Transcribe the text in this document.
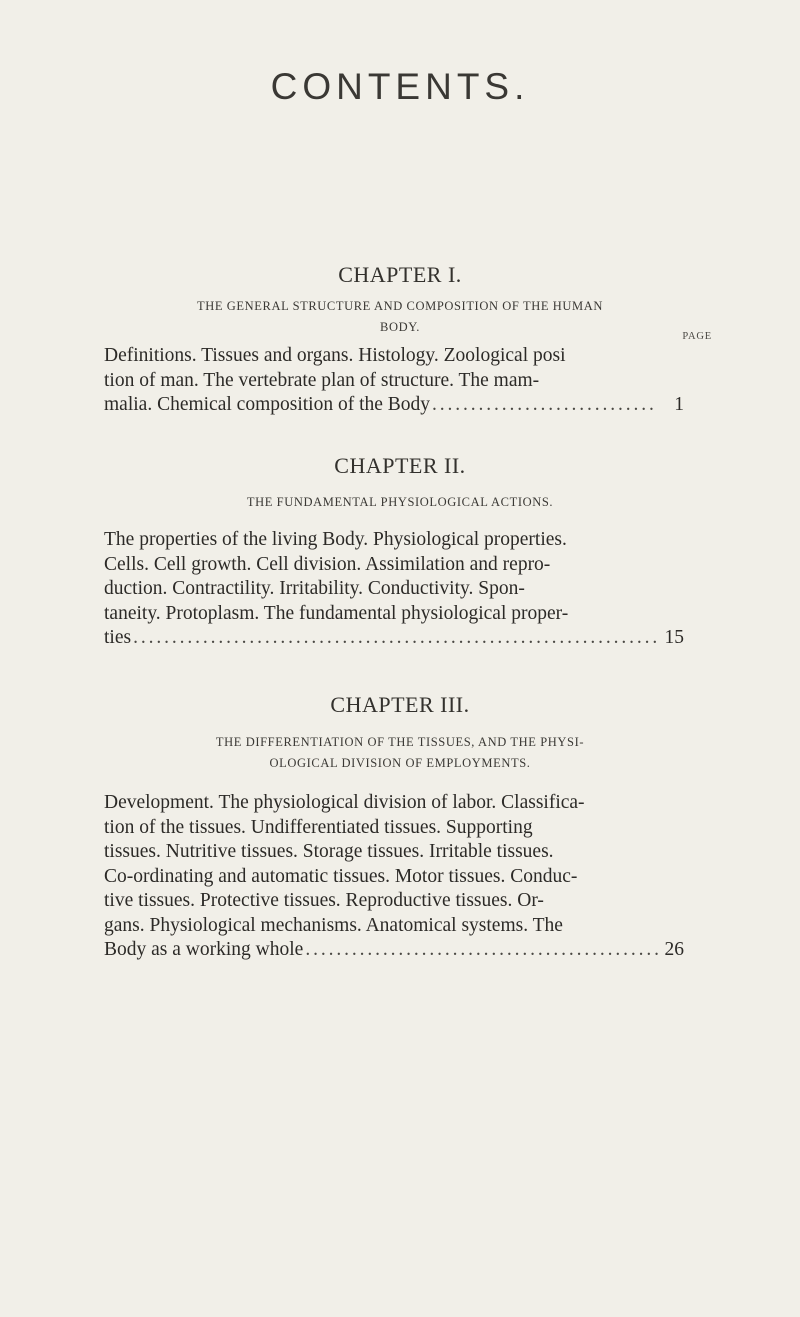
CONTENTS.
CHAPTER I.
THE GENERAL STRUCTURE AND COMPOSITION OF THE HUMAN
BODY.
PAGE
Definitions. Tissues and organs. Histology. Zoological posi
tion of man. The vertebrate plan of structure. The mam-
malia. Chemical composition of the Body . . .	1
CHAPTER II.
THE FUNDAMENTAL PHYSIOLOGICAL ACTIONS.
The properties of the living Body. Physiological properties.
Cells. Cell growth. Cell division. Assimilation and repro-
duction. Contractility. Irritability. Conductivity. Spon-
taneity. Protoplasm. The fundamental physiological proper-
ties . . .	15
CHAPTER III.
THE DIFFERENTIATION OF THE TISSUES, AND THE PHYSI-
OLOGICAL DIVISION OF EMPLOYMENTS.
Development. The physiological division of labor. Classifica-
tion of the tissues. Undifferentiated tissues. Supporting
tissues. Nutritive tissues. Storage tissues. Irritable tissues.
Co-ordinating and automatic tissues. Motor tissues. Conduc-
tive tissues. Protective tissues. Reproductive tissues. Or-
gans. Physiological mechanisms. Anatomical systems. The
Body as a working whole . . .	26
